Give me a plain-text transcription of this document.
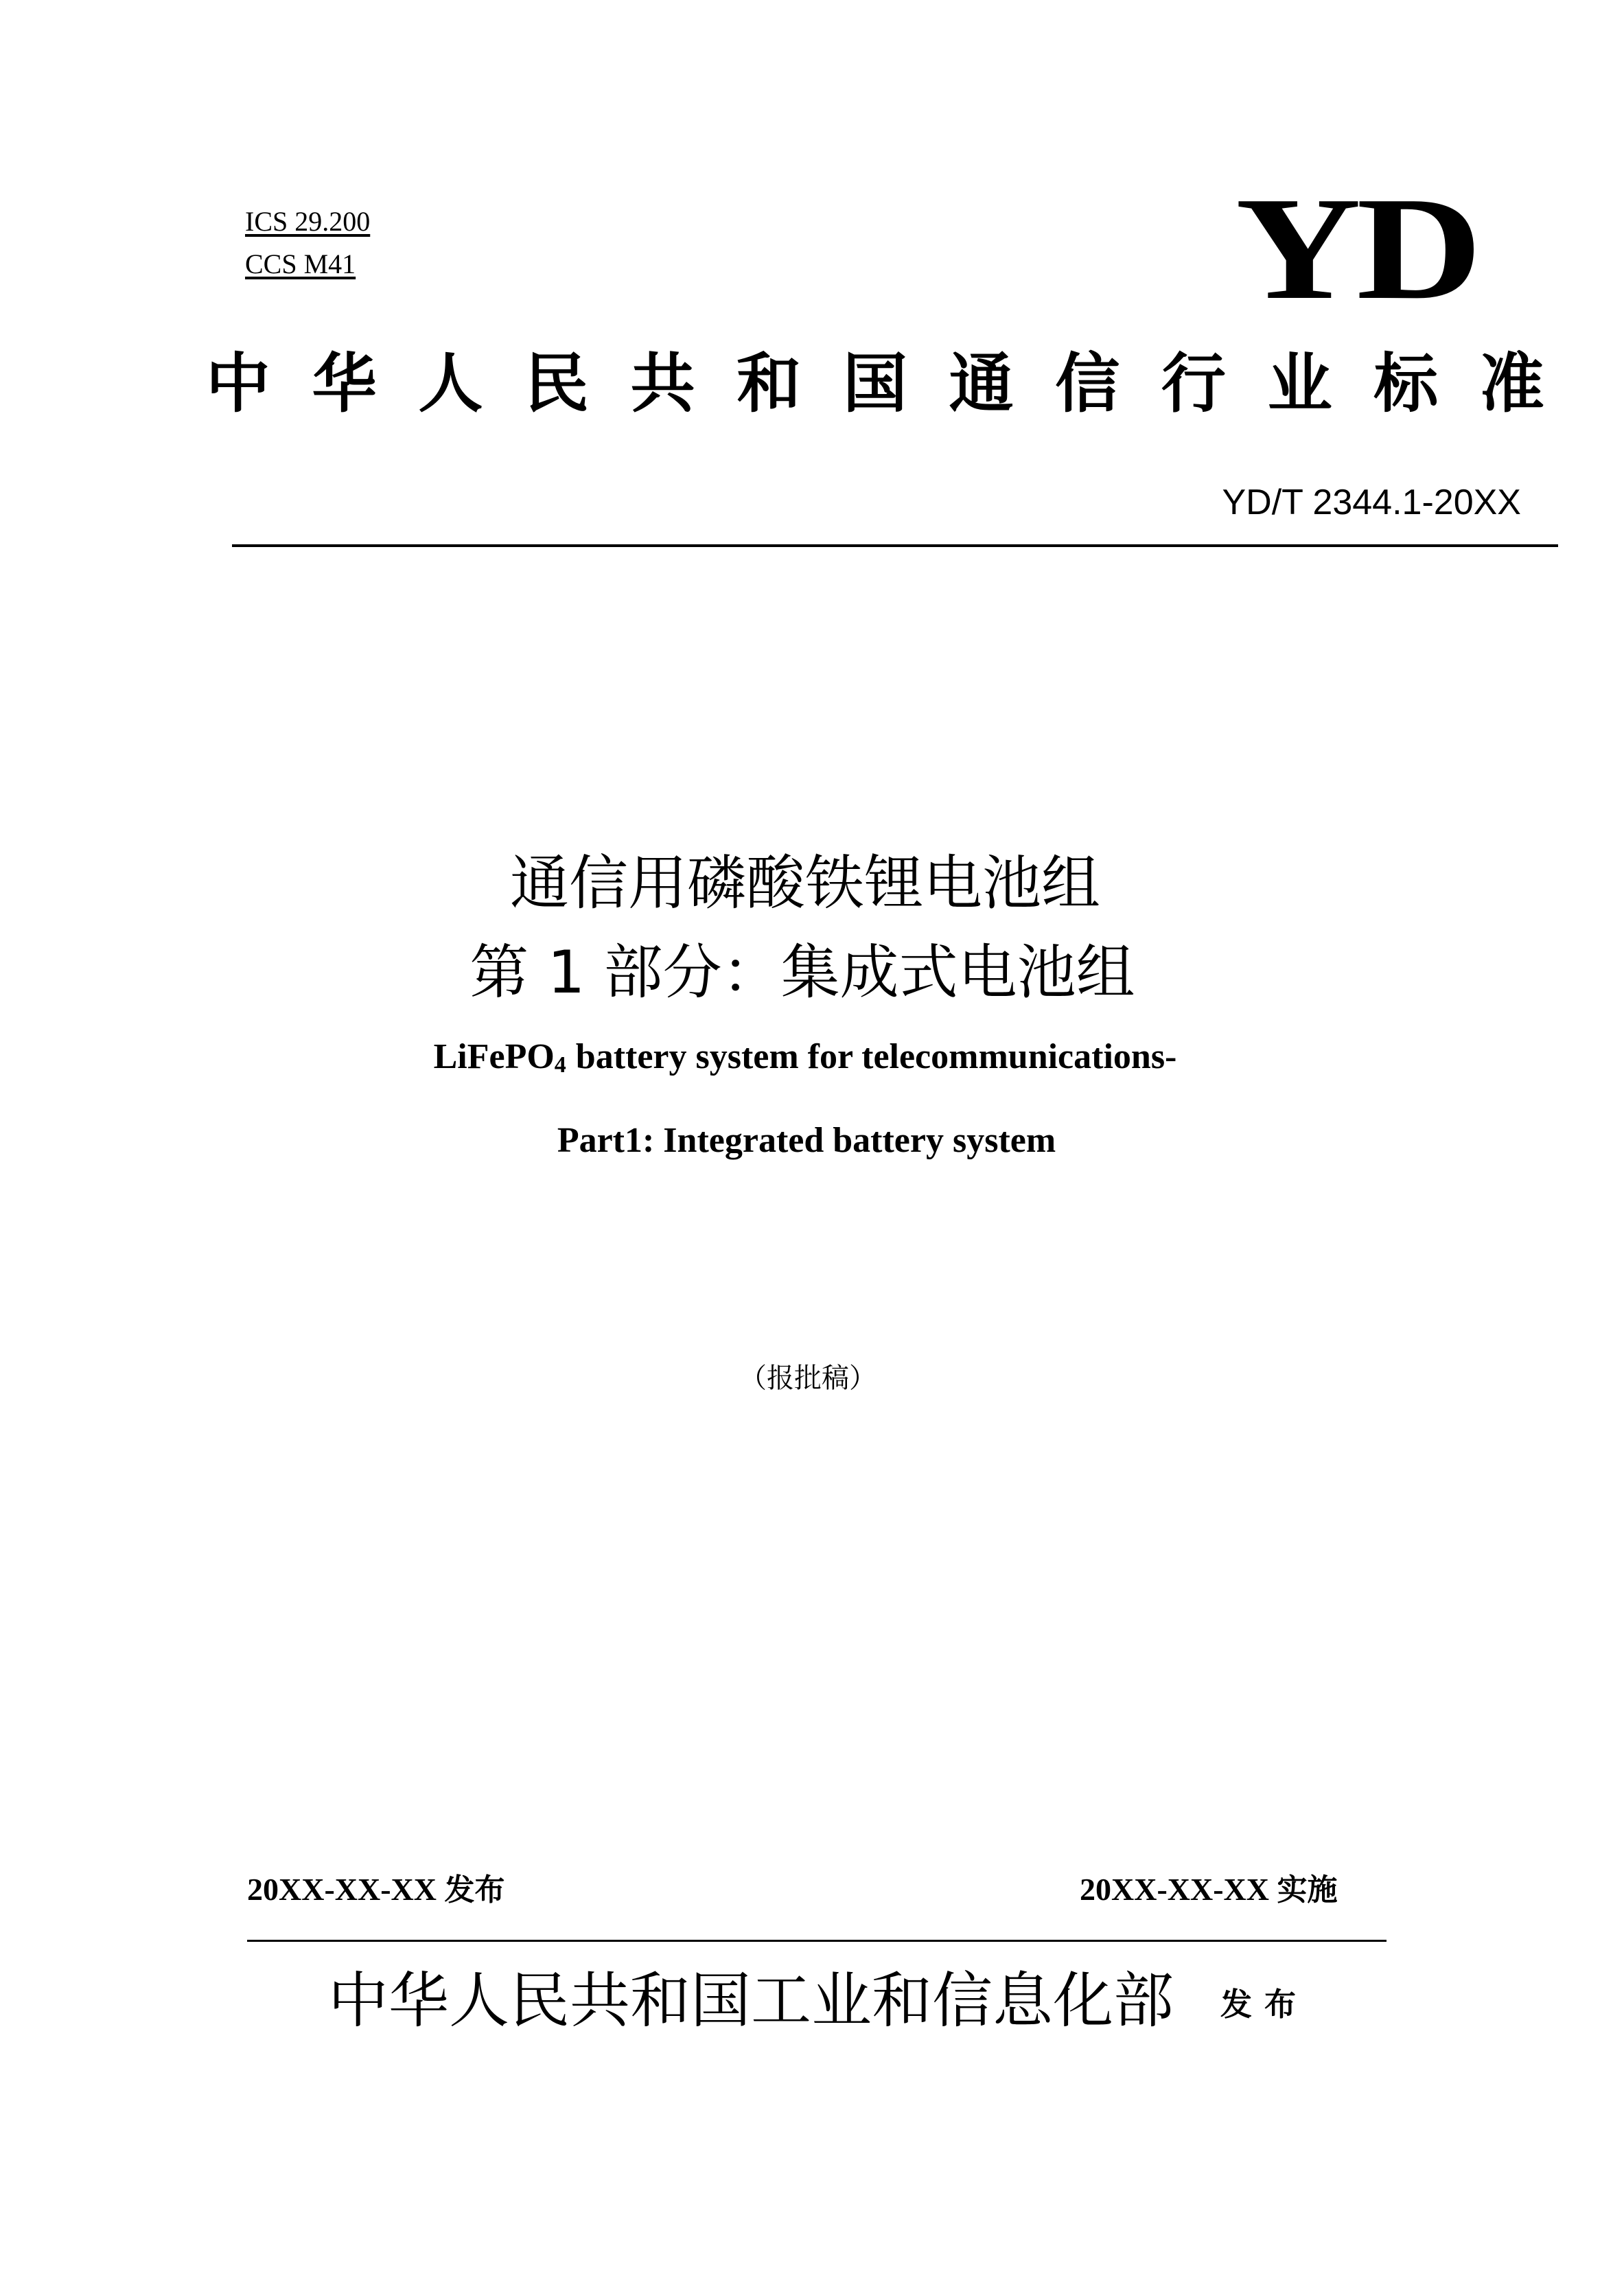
ICS 29.200
CCS M41	YD
中 华 人 民 共 和 国 通 信 行 业 标 准
YD/T 2344.1-20XX
通信用磷酸铁锂电池组
第 1 部分：集成式电池组
LiFePO$_4$ battery system for telecommunications-
Part1: Integrated battery system
（报批稿）
20XX-XX-XX 发布	20XX-XX-XX 实施
中华人民共和国工业和信息化部 发布
